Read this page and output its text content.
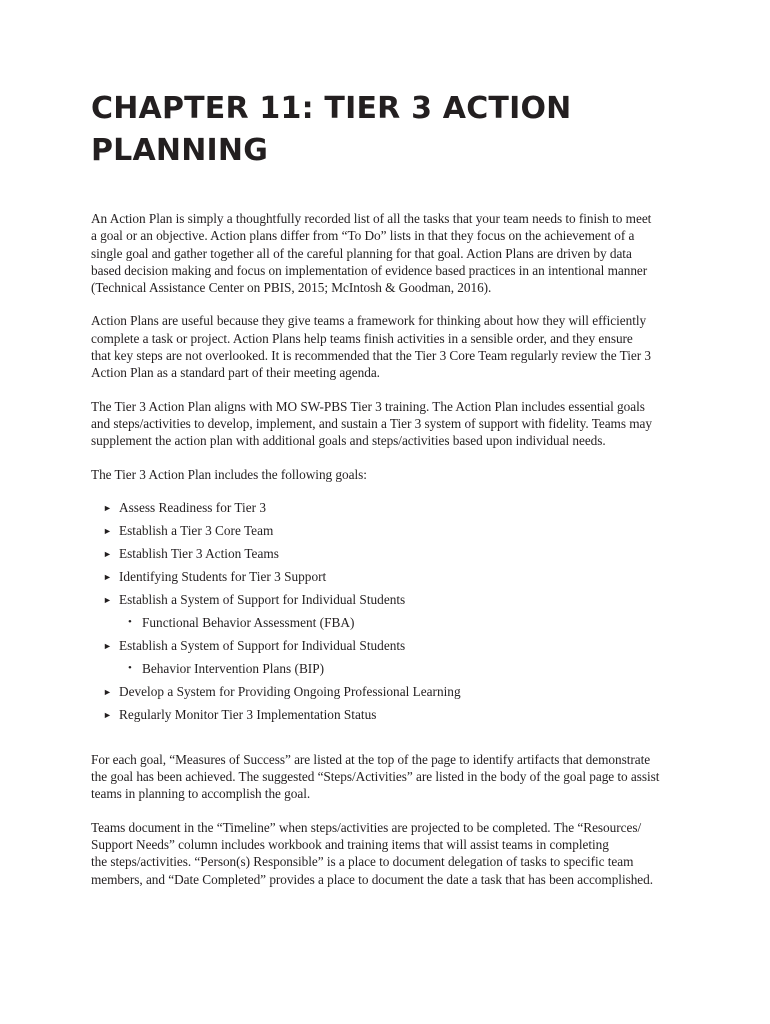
CHAPTER 11: TIER 3 ACTION
PLANNING
An Action Plan is simply a thoughtfully recorded list of all the tasks that your team needs to finish to meet
a goal or an objective. Action plans differ from “To Do” lists in that they focus on the achievement of a
single goal and gather together all of the careful planning for that goal. Action Plans are driven by data
based decision making and focus on implementation of evidence based practices in an intentional manner
(Technical Assistance Center on PBIS, 2015; McIntosh & Goodman, 2016).
Action Plans are useful because they give teams a framework for thinking about how they will efficiently
complete a task or project. Action Plans help teams finish activities in a sensible order, and they ensure
that key steps are not overlooked. It is recommended that the Tier 3 Core Team regularly review the Tier 3
Action Plan as a standard part of their meeting agenda.
The Tier 3 Action Plan aligns with MO SW-PBS Tier 3 training. The Action Plan includes essential goals
and steps/activities to develop, implement, and sustain a Tier 3 system of support with fidelity. Teams may
supplement the action plan with additional goals and steps/activities based upon individual needs.
The Tier 3 Action Plan includes the following goals:
► Assess Readiness for Tier 3
► Establish a Tier 3 Core Team
► Establish Tier 3 Action Teams
► Identifying Students for Tier 3 Support
► Establish a System of Support for Individual Students
• Functional Behavior Assessment (FBA)
► Establish a System of Support for Individual Students
• Behavior Intervention Plans (BIP)
► Develop a System for Providing Ongoing Professional Learning
► Regularly Monitor Tier 3 Implementation Status
For each goal, “Measures of Success” are listed at the top of the page to identify artifacts that demonstrate
the goal has been achieved. The suggested “Steps/Activities” are listed in the body of the goal page to assist
teams in planning to accomplish the goal.
Teams document in the “Timeline” when steps/activities are projected to be completed. The “Resources/
Support Needs” column includes workbook and training items that will assist teams in completing
the steps/activities. “Person(s) Responsible” is a place to document delegation of tasks to specific team
members, and “Date Completed” provides a place to document the date a task that has been accomplished.
